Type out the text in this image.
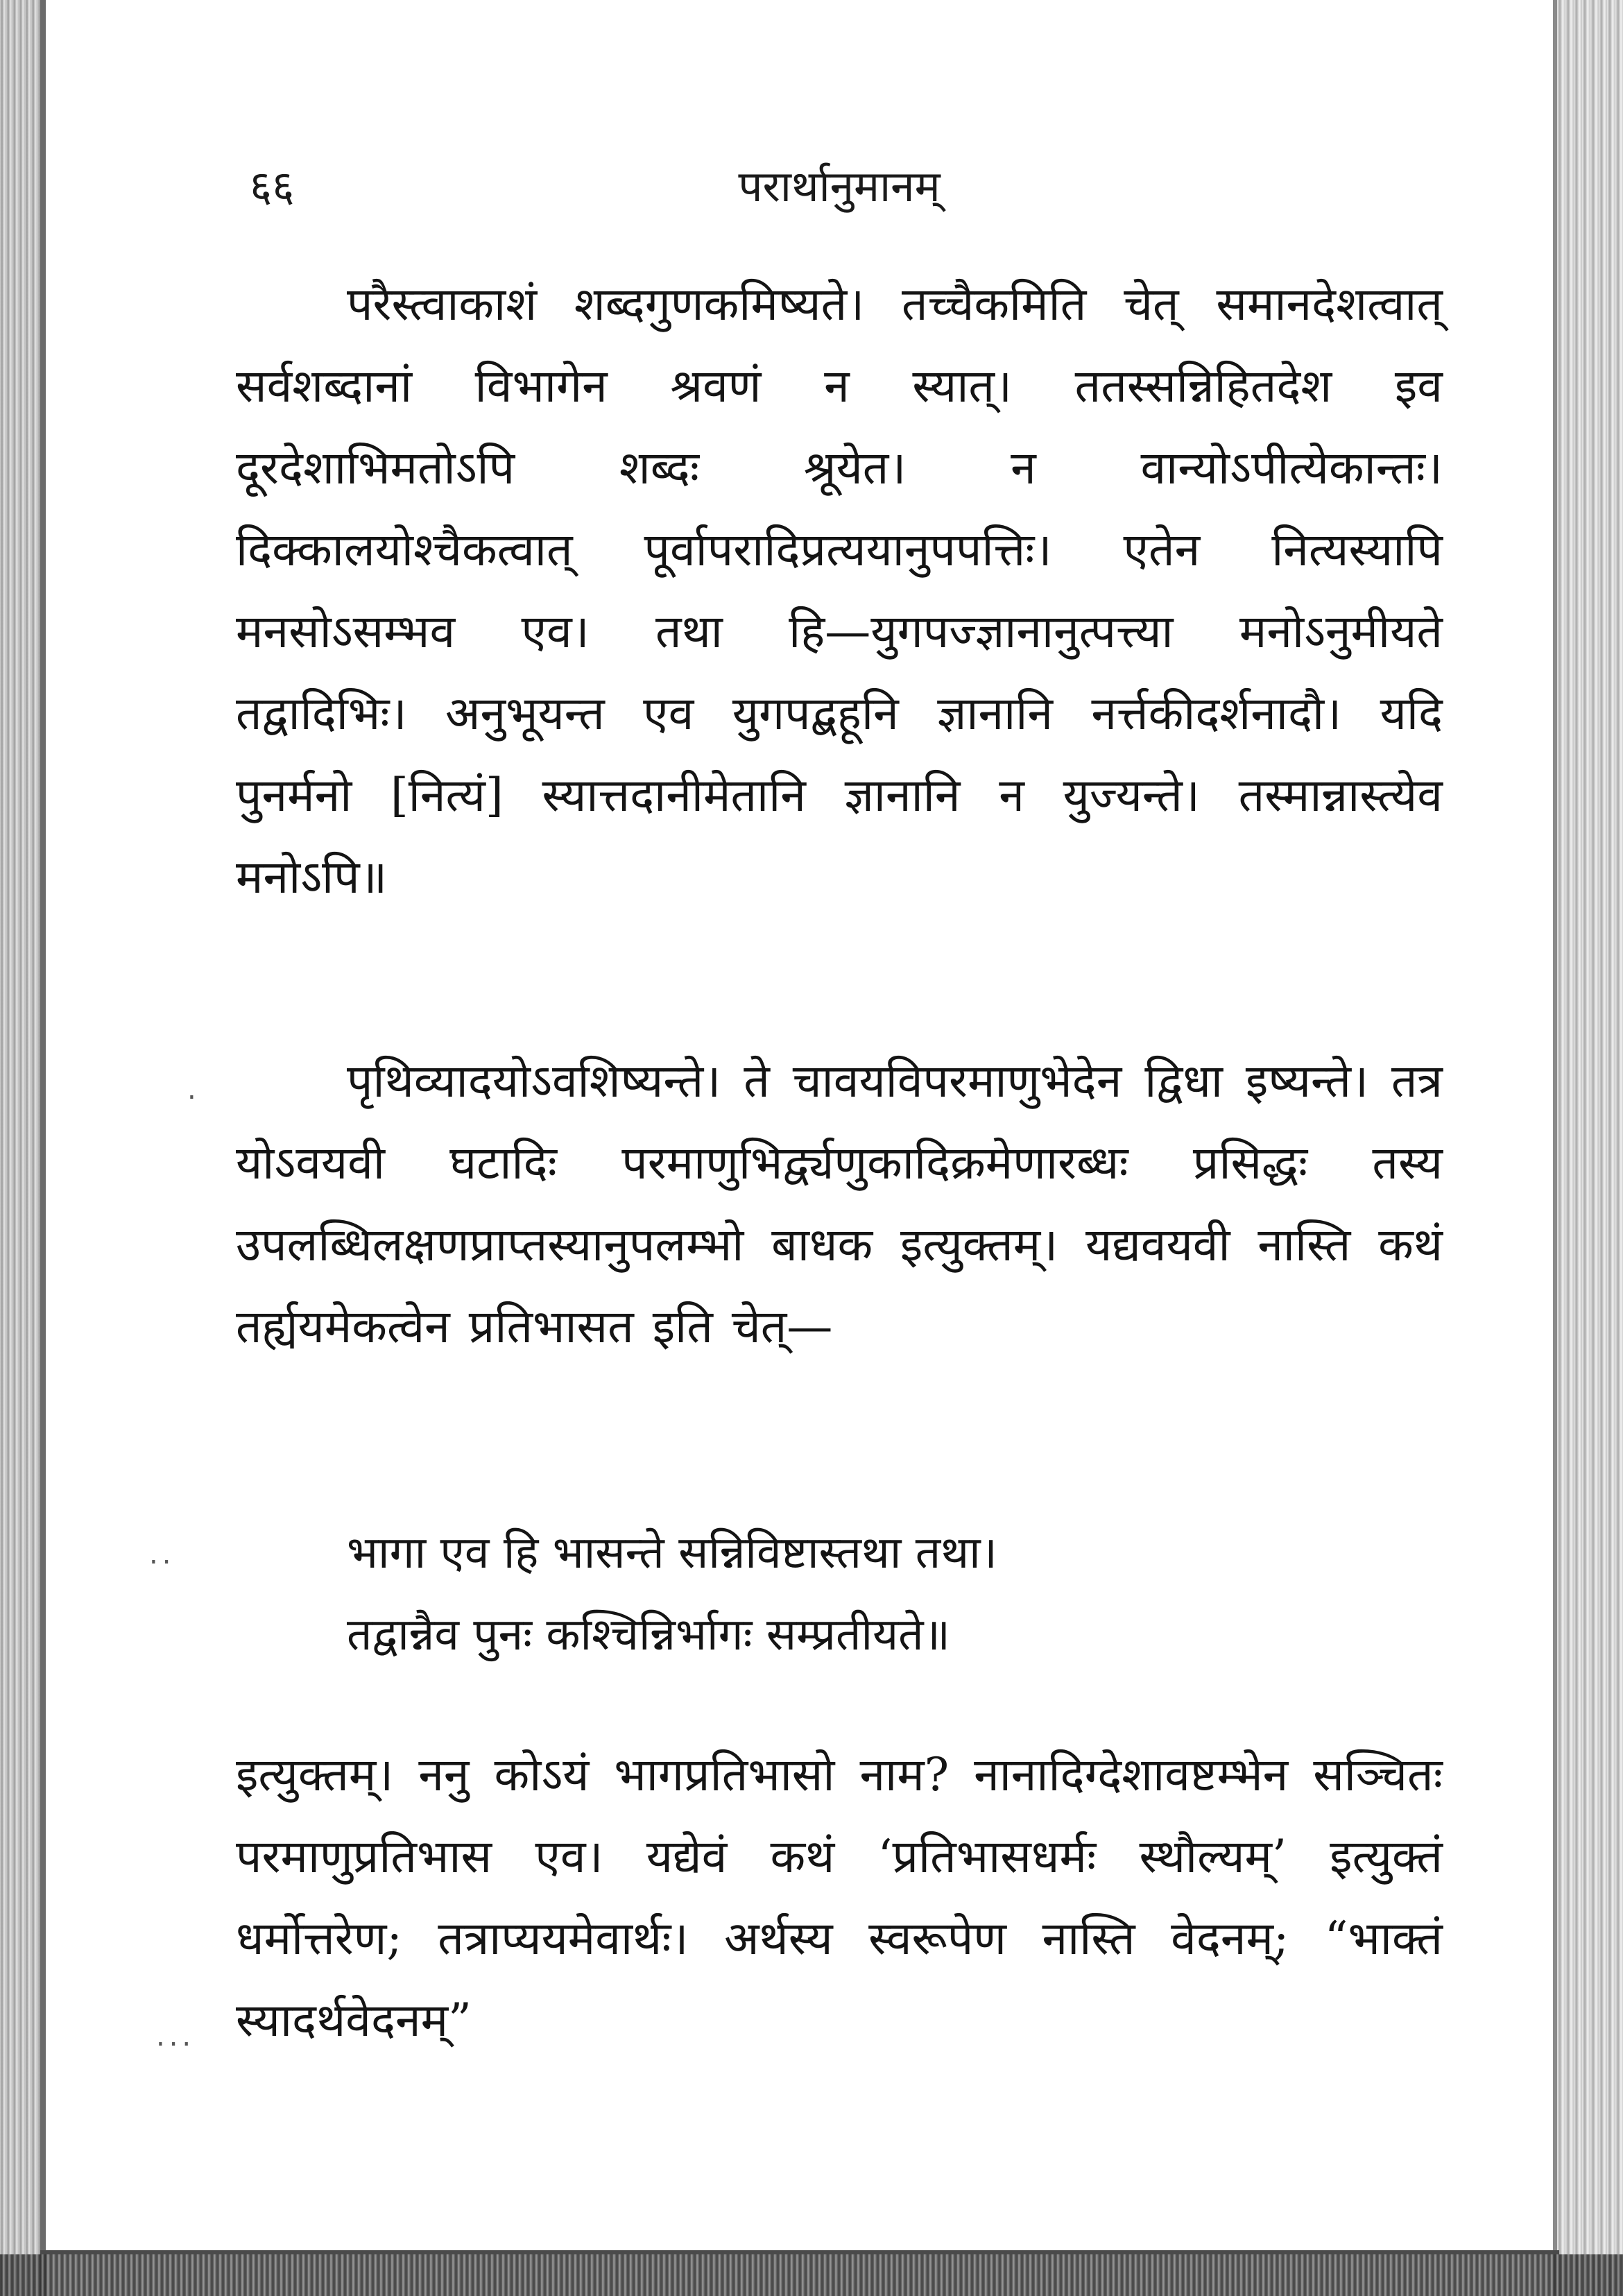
६६	परार्थानुमानम्

परैस्त्वाकाशं शब्दगुणकमिष्यते। तच्चैकमिति चेत् समानदेशत्वात् सर्वशब्दानां विभागेन श्रवणं न स्यात्। ततस्सन्निहितदेश इव दूरदेशाभिमतोऽपि शब्दः श्रूयेत। न वान्योऽपीत्येकान्तः। दिक्कालयोश्चैकत्वात् पूर्वापरादिप्रत्ययानुपपत्तिः। एतेन नित्यस्यापि मनसोऽसम्भव एव। तथा हि—युगपज्ज्ञानानुत्पत्त्या मनोऽनुमीयते तद्वादिभिः। अनुभूयन्त एव युगपद्बहूनि ज्ञानानि नर्त्तकीदर्शनादौ। यदि पुनर्मनो [नित्यं] स्यात्तदानीमेतानि ज्ञानानि न युज्यन्ते। तस्मान्नास्त्येव मनोऽपि॥

पृथिव्यादयोऽवशिष्यन्ते। ते चावयविपरमाणुभेदेन द्विधा इष्यन्ते। तत्र योऽवयवी घटादिः परमाणुभिर्द्व्यणुकादिक्रमेणारब्धः प्रसिद्धः तस्य उपलब्धिलक्षणप्राप्तस्यानुपलम्भो बाधक इत्युक्तम्। यद्यवयवी नास्ति कथं तर्ह्ययमेकत्वेन प्रतिभासत इति चेत्—

इत्युक्तम्। ननु कोऽयं भागप्रतिभासो नाम? नानादिग्देशावष्टम्भेन सञ्चितः परमाणुप्रतिभास एव। यद्येवं कथं ‘प्रतिभासधर्मः स्थौल्यम्’ इत्युक्तं धर्मोत्तरेण; तत्राप्ययमेवार्थः। अर्थस्य स्वरूपेण नास्ति वेदनम्; “भाक्तं स्यादर्थवेदनम्”

भागा एव हि भासन्ते सन्निविष्टास्तथा तथा।
तद्वान्नैव पुनः कश्चिन्निर्भागः सम्प्रतीयते॥
‧
‧‧
‧‧‧
